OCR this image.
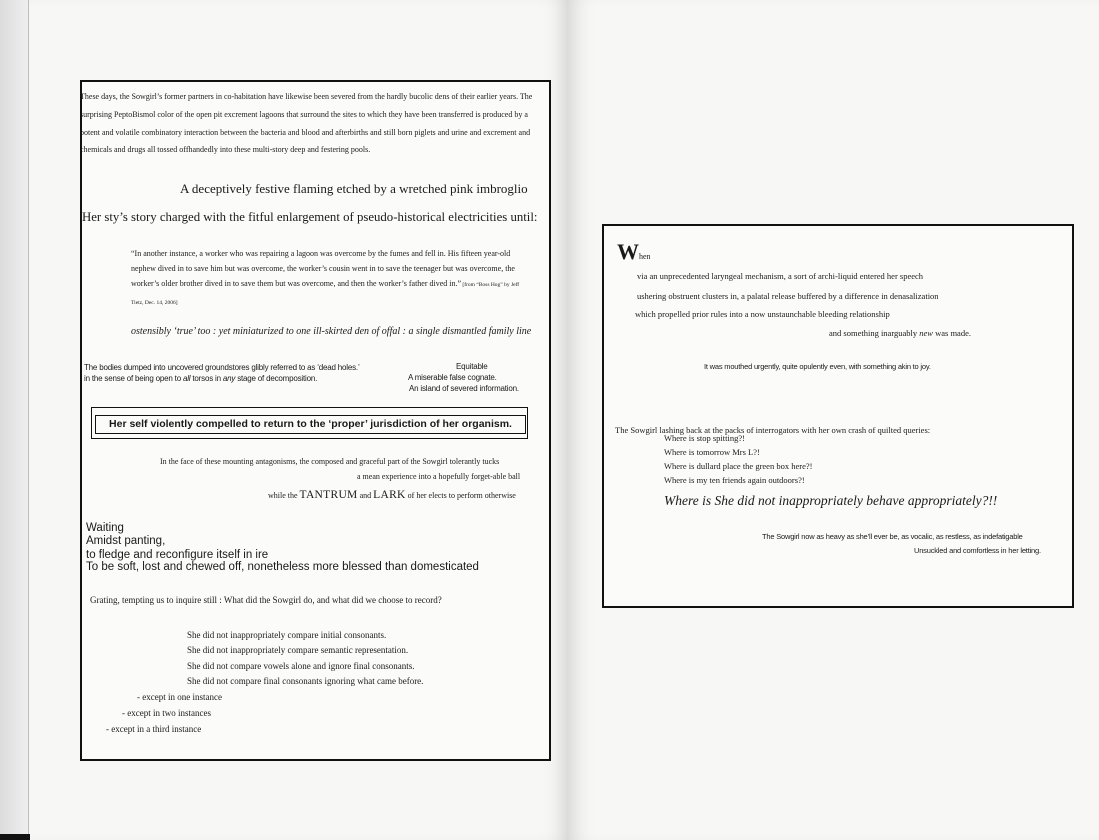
These days, the Sowgirl’s former partners in co-habitation have likewise been severed from the hardly bucolic dens of their earlier years. The surprising PeptoBismol color of the open pit excrement lagoons that surround the sites to which they have been transferred is produced by a potent and volatile combinatory interaction between the bacteria and blood and afterbirths and still born piglets and urine and excrement and chemicals and drugs all tossed offhandedly into these multi-story deep and festering pools.
A deceptively festive flaming etched by a wretched pink imbroglio
Her sty’s story charged with the fitful enlargement of pseudo-historical electricities until:
“In another instance, a worker who was repairing a lagoon was overcome by the fumes and fell in. His fifteen year-old nephew dived in to save him but was overcome, the worker’s cousin went in to save the teenager but was overcome, the worker’s older brother dived in to save them but was overcome, and then the worker’s father dived in.” [from “Boss Hog” by Jeff Tietz, Dec. 14, 2006]
ostensibly ‘true’ too : yet miniaturized to one ill-skirted den of offal : a single dismantled family line
The bodies dumped into uncovered groundstores glibly referred to as ‘dead holes.’
in the sense of being open to all torsos in any stage of decomposition.
Equitable
A miserable false cognate.
An island of severed information.
Her self violently compelled to return to the ‘proper’ jurisdiction of her organism.
In the face of these mounting antagonisms, the composed and graceful part of the Sowgirl tolerantly tucks
a mean experience into a hopefully forget-able ball
while the TANTRUM and LARK of her elects to perform otherwise
Waiting
Amidst panting,
to fledge and reconfigure itself in ire
To be soft, lost and chewed off, nonetheless more blessed than domesticated
Grating, tempting us to inquire still : What did the Sowgirl do, and what did we choose to record?
She did not inappropriately compare initial consonants.
She did not inappropriately compare semantic representation.
She did not compare vowels alone and ignore final consonants.
She did not compare final consonants ignoring what came before.
- except in one instance
- except in two instances
- except in a third instance
When
via an unprecedented laryngeal mechanism, a sort of archi-liquid entered her speech
ushering obstruent clusters in, a palatal release buffered by a difference in denasalization
which propelled prior rules into a now unstaunchable bleeding relationship
and something inarguably new was made.
It was mouthed urgently, quite opulently even, with something akin to joy.
The Sowgirl lashing back at the packs of interrogators with her own crash of quilted queries:
Where is stop spitting?!
Where is tomorrow Mrs L?!
Where is dullard place the green box here?!
Where is my ten friends again outdoors?!
Where is She did not inappropriately behave appropriately?!!
The Sowgirl now as heavy as she’ll ever be, as vocalic, as restless, as indefatigable
Unsuckled and comfortless in her letting.
